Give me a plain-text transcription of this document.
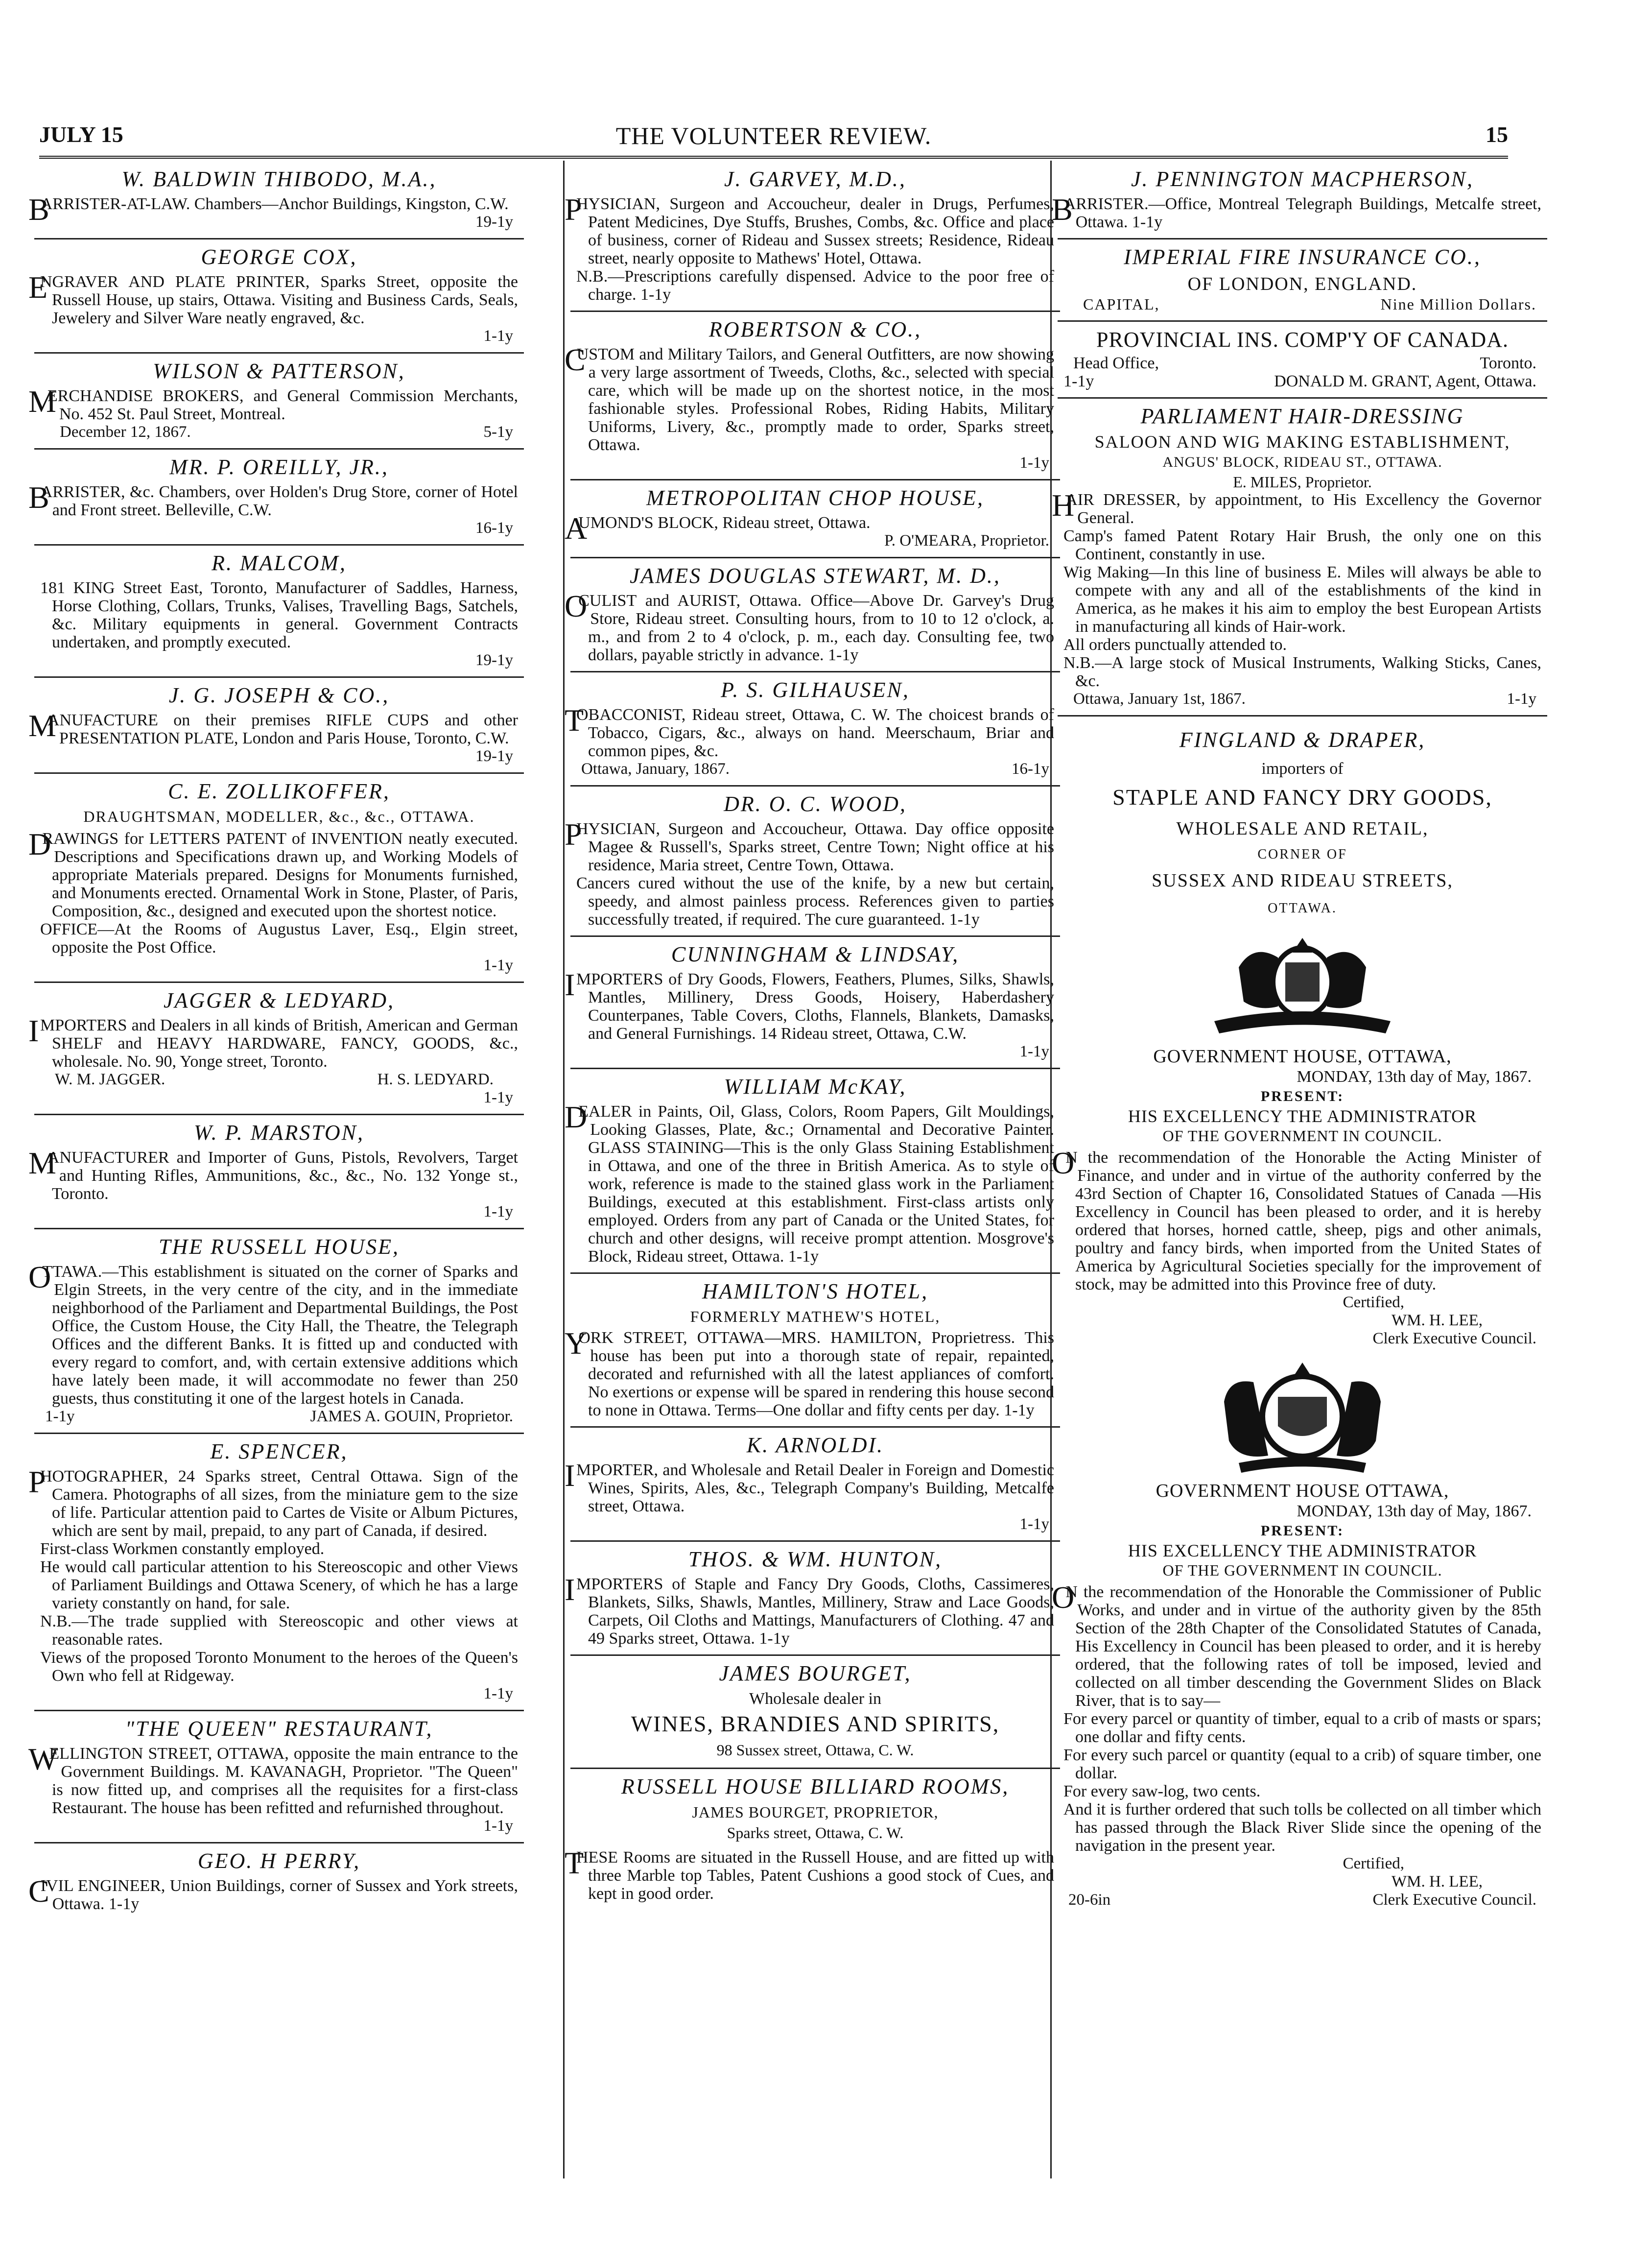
JULY 15	THE VOLUNTEER REVIEW.	15
W. BALDWIN THIBODO, M.A.,
B
ARRISTER-AT-LAW. Chambers—Anchor Buildings, Kingston, C.W.
19-1y
GEORGE COX,
E
NGRAVER AND PLATE PRINTER, Sparks Street, opposite the Russell House, up stairs, Ottawa. Visiting and Business Cards, Seals, Jewelery and Silver Ware neatly engraved, &c.
1-1y
WILSON & PATTERSON,
M
ERCHANDISE BROKERS, and General Commission Merchants, No. 452 St. Paul Street, Montreal.
December 12, 1867.	5-1y
MR. P. OREILLY, JR.,
B
ARRISTER, &c. Chambers, over Holden's Drug Store, corner of Hotel and Front street. Belleville, C.W.
16-1y
R. MALCOM,
181 KING Street East, Toronto, Manufacturer of Saddles, Harness, Horse Clothing, Collars, Trunks, Valises, Travelling Bags, Satchels, &c. Military equipments in general. Government Contracts undertaken, and promptly executed.
19-1y
J. G. JOSEPH & CO.,
M
ANUFACTURE on their premises RIFLE CUPS and other PRESENTATION PLATE, London and Paris House, Toronto, C.W.
19-1y
C. E. ZOLLIKOFFER,
DRAUGHTSMAN, MODELLER, &c., &c., OTTAWA.
D
RAWINGS for LETTERS PATENT of INVENTION neatly executed. Descriptions and Specifications drawn up, and Working Models of appropriate Materials prepared. Designs for Monuments furnished, and Monuments erected. Ornamental Work in Stone, Plaster, of Paris, Composition, &c., designed and executed upon the shortest notice.
OFFICE—At the Rooms of Augustus Laver, Esq., Elgin street, opposite the Post Office.
1-1y
JAGGER & LEDYARD,
IMPORTERS and Dealers in all kinds of British, American and German SHELF and HEAVY HARDWARE, FANCY, GOODS, &c., wholesale. No. 90, Yonge street, Toronto.
W. M. JAGGER.	H. S. LEDYARD.
1-1y
W. P. MARSTON,
M
ANUFACTURER and Importer of Guns, Pistols, Revolvers, Target and Hunting Rifles, Ammunitions, &c., &c., No. 132 Yonge st., Toronto.
1-1y
THE RUSSELL HOUSE,
O
TTAWA.—This establishment is situated on the corner of Sparks and Elgin Streets, in the very centre of the city, and in the immediate neighborhood of the Parliament and Departmental Buildings, the Post Office, the Custom House, the City Hall, the Theatre, the Telegraph Offices and the different Banks. It is fitted up and conducted with every regard to comfort, and, with certain extensive additions which have lately been made, it will accommodate no fewer than 250 guests, thus constituting it one of the largest hotels in Canada.
1-1y	JAMES A. GOUIN, Proprietor.
E. SPENCER,
P
HOTOGRAPHER, 24 Sparks street, Central Ottawa. Sign of the Camera. Photographs of all sizes, from the miniature gem to the size of life. Particular attention paid to Cartes de Visite or Album Pictures, which are sent by mail, prepaid, to any part of Canada, if desired.
First-class Workmen constantly employed.
He would call particular attention to his Stereoscopic and other Views of Parliament Buildings and Ottawa Scenery, of which he has a large variety constantly on hand, for sale.
N.B.—The trade supplied with Stereoscopic and other views at reasonable rates.
Views of the proposed Toronto Monument to the heroes of the Queen's Own who fell at Ridgeway.
1-1y
"THE QUEEN" RESTAURANT,
W
ELLINGTON STREET, OTTAWA, opposite the main entrance to the Government Buildings. M. KAVANAGH, Proprietor. "The Queen" is now fitted up, and comprises all the requisites for a first-class Restaurant. The house has been refitted and refurnished throughout.
1-1y
GEO. H PERRY,
C
IVIL ENGINEER, Union Buildings, corner of Sussex and York streets, Ottawa. 1-1y
J. GARVEY, M.D.,
P
HYSICIAN, Surgeon and Accoucheur, dealer in Drugs, Perfumes, Patent Medicines, Dye Stuffs, Brushes, Combs, &c. Office and place of business, corner of Rideau and Sussex streets; Residence, Rideau street, nearly opposite to Mathews' Hotel, Ottawa.
N.B.—Prescriptions carefully dispensed. Advice to the poor free of charge. 1-1y
ROBERTSON & CO.,
C
USTOM and Military Tailors, and General Outfitters, are now showing a very large assortment of Tweeds, Cloths, &c., selected with special care, which will be made up on the shortest notice, in the most fashionable styles. Professional Robes, Riding Habits, Military Uniforms, Livery, &c., promptly made to order, Sparks street, Ottawa.
1-1y
METROPOLITAN CHOP HOUSE,
A
UMOND'S BLOCK, Rideau street, Ottawa.
P. O'MEARA, Proprietor.
JAMES DOUGLAS STEWART, M. D.,
O
CULIST and AURIST, Ottawa. Office—Above Dr. Garvey's Drug Store, Rideau street. Consulting hours, from to 10 to 12 o'clock, a. m., and from 2 to 4 o'clock, p. m., each day. Consulting fee, two dollars, payable strictly in advance. 1-1y
P. S. GILHAUSEN,
T
OBACCONIST, Rideau street, Ottawa, C. W. The choicest brands of Tobacco, Cigars, &c., always on hand. Meerschaum, Briar and common pipes, &c.
Ottawa, January, 1867.	16-1y
DR. O. C. WOOD,
P
HYSICIAN, Surgeon and Accoucheur, Ottawa. Day office opposite Magee & Russell's, Sparks street, Centre Town; Night office at his residence, Maria street, Centre Town, Ottawa.
Cancers cured without the use of the knife, by a new but certain, speedy, and almost painless process. References given to parties successfully treated, if required. The cure guaranteed. 1-1y
CUNNINGHAM & LINDSAY,
IMPORTERS of Dry Goods, Flowers, Feathers, Plumes, Silks, Shawls, Mantles, Millinery, Dress Goods, Hoisery, Haberdashery Counterpanes, Table Covers, Cloths, Flannels, Blankets, Damasks, and General Furnishings. 14 Rideau street, Ottawa, C.W.
1-1y
WILLIAM McKAY,
D
EALER in Paints, Oil, Glass, Colors, Room Papers, Gilt Mouldings, Looking Glasses, Plate, &c.; Ornamental and Decorative Painter. GLASS STAINING—This is the only Glass Staining Establishment in Ottawa, and one of the three in British America. As to style of work, reference is made to the stained glass work in the Parliament Buildings, executed at this establishment. First-class artists only employed. Orders from any part of Canada or the United States, for church and other designs, will receive prompt attention. Mosgrove's Block, Rideau street, Ottawa. 1-1y
HAMILTON'S HOTEL,
FORMERLY MATHEW'S HOTEL,
Y
ORK STREET, OTTAWA—MRS. HAMILTON, Proprietress. This house has been put into a thorough state of repair, repainted, decorated and refurnished with all the latest appliances of comfort. No exertions or expense will be spared in rendering this house second to none in Ottawa. Terms—One dollar and fifty cents per day. 1-1y
K. ARNOLDI.
IMPORTER, and Wholesale and Retail Dealer in Foreign and Domestic Wines, Spirits, Ales, &c., Telegraph Company's Building, Metcalfe street, Ottawa.
1-1y
THOS. & WM. HUNTON,
IMPORTERS of Staple and Fancy Dry Goods, Cloths, Cassimeres, Blankets, Silks, Shawls, Mantles, Millinery, Straw and Lace Goods, Carpets, Oil Cloths and Mattings, Manufacturers of Clothing. 47 and 49 Sparks street, Ottawa. 1-1y
JAMES BOURGET,
Wholesale dealer in
WINES, BRANDIES AND SPIRITS,
98 Sussex street, Ottawa, C. W.
RUSSELL HOUSE BILLIARD ROOMS,
JAMES BOURGET, PROPRIETOR,
Sparks street, Ottawa, C. W.
T
HESE Rooms are situated in the Russell House, and are fitted up with three Marble top Tables, Patent Cushions a good stock of Cues, and kept in good order.
J. PENNINGTON MACPHERSON,
B
ARRISTER.—Office, Montreal Telegraph Buildings, Metcalfe street, Ottawa. 1-1y
IMPERIAL FIRE INSURANCE CO.,
OF LONDON, ENGLAND.
CAPITAL,	Nine Million Dollars.
PROVINCIAL INS. COMP'Y OF CANADA.
Head Office,	Toronto.
1-1y	DONALD M. GRANT, Agent, Ottawa.
PARLIAMENT HAIR-DRESSING
SALOON AND WIG MAKING ESTABLISHMENT,
ANGUS' BLOCK, RIDEAU ST., OTTAWA.
E. MILES, Proprietor.
H
AIR DRESSER, by appointment, to His Excellency the Governor General.
Camp's famed Patent Rotary Hair Brush, the only one on this Continent, constantly in use.
Wig Making—In this line of business E. Miles will always be able to compete with any and all of the establishments of the kind in America, as he makes it his aim to employ the best European Artists in manufacturing all kinds of Hair-work.
All orders punctually attended to.
N.B.—A large stock of Musical Instruments, Walking Sticks, Canes, &c.
Ottawa, January 1st, 1867.	1-1y
FINGLAND & DRAPER,
importers of
STAPLE AND FANCY DRY GOODS,
WHOLESALE AND RETAIL,
CORNER OF
SUSSEX AND RIDEAU STREETS,
OTTAWA.
GOVERNMENT HOUSE, OTTAWA,
MONDAY, 13th day of May, 1867.
PRESENT:
HIS EXCELLENCY THE ADMINISTRATOR
OF THE GOVERNMENT IN COUNCIL.
O
N the recommendation of the Honorable the Acting Minister of Finance, and under and in virtue of the authority conferred by the 43rd Section of Chapter 16, Consolidated Statues of Canada —His Excellency in Council has been pleased to order, and it is hereby ordered that horses, horned cattle, sheep, pigs and other animals, poultry and fancy birds, when imported from the United States of America by Agricultural Societies specially for the improvement of stock, may be admitted into this Province free of duty.
Certified,
WM. H. LEE,
Clerk Executive Council.
GOVERNMENT HOUSE OTTAWA,
MONDAY, 13th day of May, 1867.
PRESENT:
HIS EXCELLENCY THE ADMINISTRATOR
OF THE GOVERNMENT IN COUNCIL.
O
N the recommendation of the Honorable the Commissioner of Public Works, and under and in virtue of the authority given by the 85th Section of the 28th Chapter of the Consolidated Statutes of Canada, His Excellency in Council has been pleased to order, and it is hereby ordered, that the following rates of toll be imposed, levied and collected on all timber descending the Government Slides on Black River, that is to say—
For every parcel or quantity of timber, equal to a crib of masts or spars; one dollar and fifty cents.
For every such parcel or quantity (equal to a crib) of square timber, one dollar.
For every saw-log, two cents.
And it is further ordered that such tolls be collected on all timber which has passed through the Black River Slide since the opening of the navigation in the present year.
Certified,
WM. H. LEE,
20-6in	Clerk Executive Council.
